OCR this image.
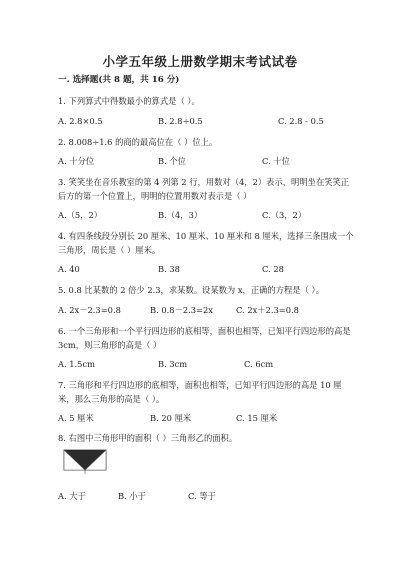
小学五年级上册数学期末考试试卷
一. 选择题(共 8 题，共 16 分)
1. 下列算式中得数最小的算式是（ ）。
A. 2.8×0.5	B. 2.8÷0.5	C. 2.8 - 0.5
2. 8.008÷1.6 的商的最高位在（ ）位上。
A. 十分位	B. 个位	C. 十位
3. 笑笑坐在音乐教室的第 4 列第 2 行，用数对（4，2）表示，明明坐在笑笑正
后方的第一个位置上，明明的位置用数对表示是（ ）
A.（5，2）	B.（4，3）	C.（3，2）
4. 有四条线段分别长 20 厘米、10 厘米、10 厘米和 8 厘米，选择三条围成一个
三角形，周长是（ ）厘米。
A. 40	B. 38	C. 28
5. 0.8 比某数的 2 倍少 2.3，求某数。设某数为 x，正确的方程是（ ）。
A. 2x－2.3=0.8	B. 0.8－2.3=2x	C. 2x＋2.3=0.8
6. 一个三角形和一个平行四边形的底相等，面积也相等，已知平行四边形的高是
3cm，则三角形的高是（ ）
A. 1.5cm	B. 3cm	C. 6cm
7. 三角形和平行四边形的底相等，面积也相等，已知平行四边形的高是 10 厘
米，那么三角形的高是（ ）。
A. 5 厘米	B. 20 厘米	C. 15 厘米
8. 右图中三角形甲的面积（ ）三角形乙的面积。
A. 大于	B. 小于	C. 等于
